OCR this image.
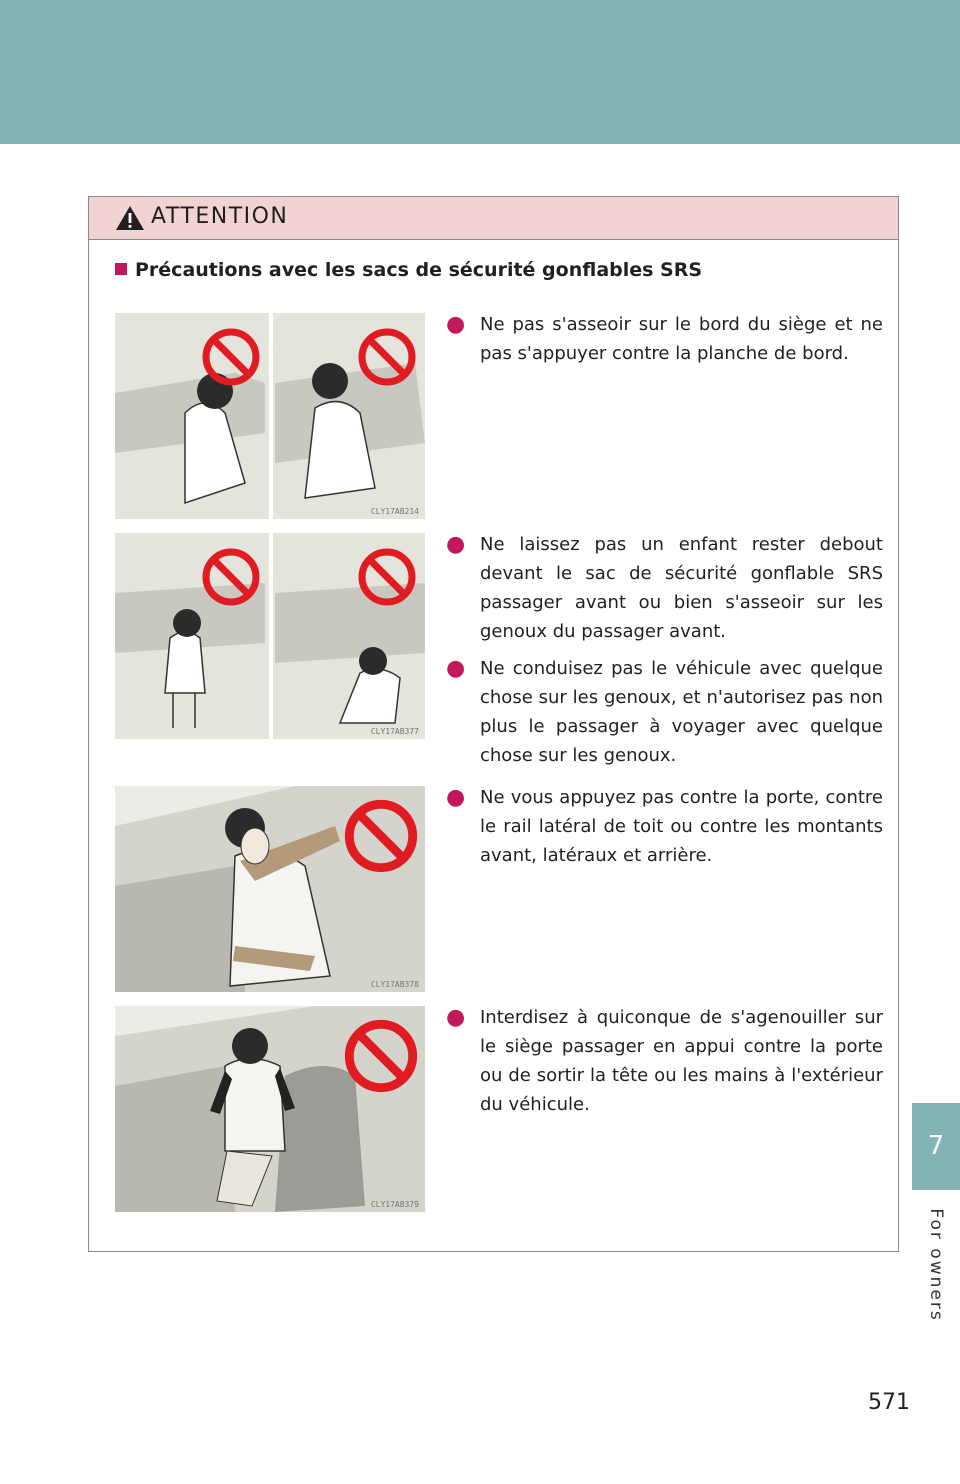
ATTENTION
Précautions avec les sacs de sécurité gonflables SRS
CLY17AB214
CLY17AB377
CLY17AB378
CLY17AB379
● Ne pas s'asseoir sur le bord du siège et ne pas s'appuyer contre la planche de bord.
● Ne laissez pas un enfant rester debout devant le sac de sécurité gonflable SRS passager avant ou bien s'asseoir sur les genoux du passager avant.
● Ne conduisez pas le véhicule avec quelque chose sur les genoux, et n'autorisez pas non plus le passager à voyager avec quelque chose sur les genoux.
● Ne vous appuyez pas contre la porte, contre le rail latéral de toit ou contre les montants avant, latéraux et arrière.
● Interdisez à quiconque de s'agenouiller sur le siège passager en appui contre la porte ou de sortir la tête ou les mains à l'extérieur du véhicule.
7
For owners
571
